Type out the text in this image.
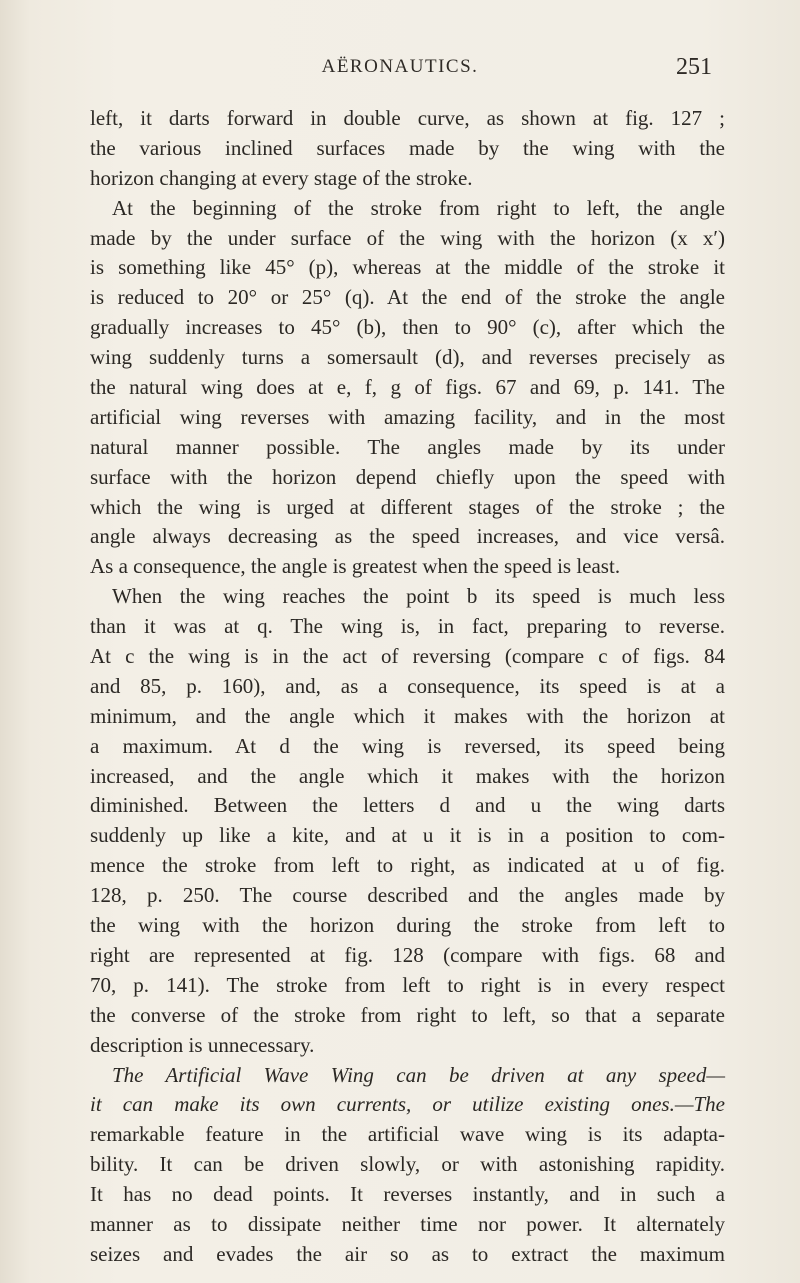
AËRONAUTICS.	251
left, it darts forward in double curve, as shown at fig. 127 ;
the various inclined surfaces made by the wing with the
horizon changing at every stage of the stroke.
At the beginning of the stroke from right to left, the angle
made by the under surface of the wing with the horizon (x x′)
is something like 45° (p), whereas at the middle of the stroke it
is reduced to 20° or 25° (q). At the end of the stroke the angle
gradually increases to 45° (b), then to 90° (c), after which the
wing suddenly turns a somersault (d), and reverses precisely as
the natural wing does at e, f, g of figs. 67 and 69, p. 141. The
artificial wing reverses with amazing facility, and in the most
natural manner possible. The angles made by its under
surface with the horizon depend chiefly upon the speed with
which the wing is urged at different stages of the stroke ; the
angle always decreasing as the speed increases, and vice versâ.
As a consequence, the angle is greatest when the speed is least.
When the wing reaches the point b its speed is much less
than it was at q. The wing is, in fact, preparing to reverse.
At c the wing is in the act of reversing (compare c of figs. 84
and 85, p. 160), and, as a consequence, its speed is at a
minimum, and the angle which it makes with the horizon at
a maximum. At d the wing is reversed, its speed being
increased, and the angle which it makes with the horizon
diminished. Between the letters d and u the wing darts
suddenly up like a kite, and at u it is in a position to com-
mence the stroke from left to right, as indicated at u of fig.
128, p. 250. The course described and the angles made by
the wing with the horizon during the stroke from left to
right are represented at fig. 128 (compare with figs. 68 and
70, p. 141). The stroke from left to right is in every respect
the converse of the stroke from right to left, so that a separate
description is unnecessary.
The Artificial Wave Wing can be driven at any speed—
it can make its own currents, or utilize existing ones.—The
remarkable feature in the artificial wave wing is its adapta-
bility. It can be driven slowly, or with astonishing rapidity.
It has no dead points. It reverses instantly, and in such a
manner as to dissipate neither time nor power. It alternately
seizes and evades the air so as to extract the maximum
